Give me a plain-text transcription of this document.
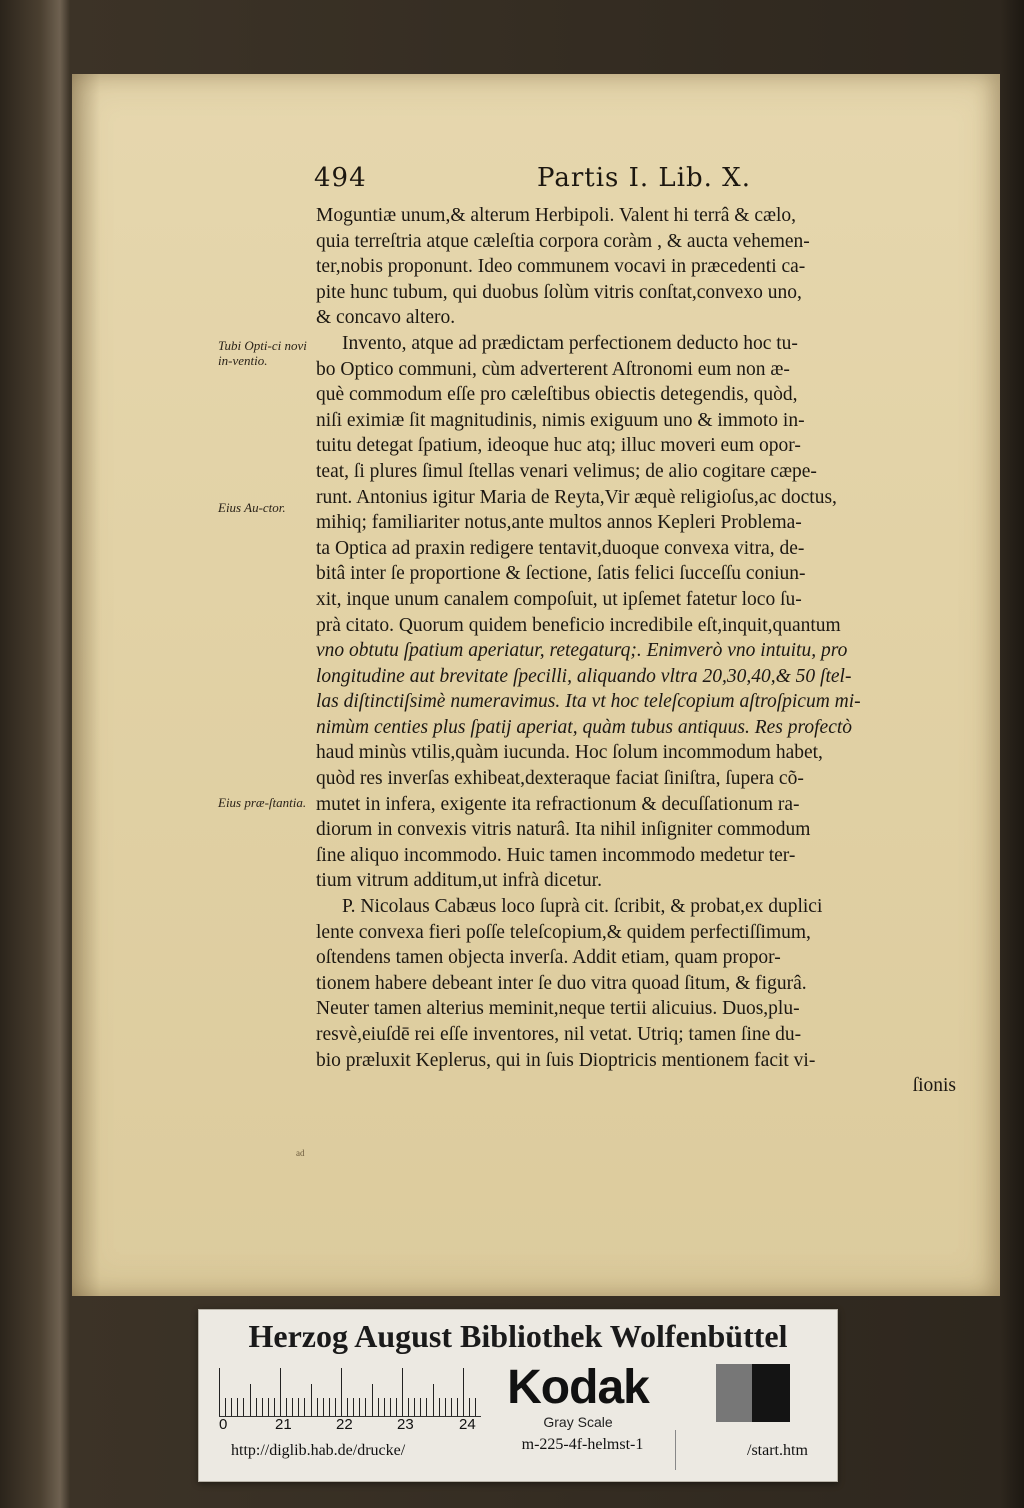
494	Partis I. Lib. X.
Moguntiæ unum,& alterum Herbipoli. Valent hi terrâ & cælo,
quia terreſtria atque cæleſtia corpora coràm , & aucta vehemen-
ter,nobis proponunt. Ideo communem vocavi in præcedenti ca-
pite hunc tubum, qui duobus ſolùm vitris conſtat,convexo uno,
& concavo altero.
Invento, atque ad prædictam perfectionem deducto hoc tu-
bo Optico communi, cùm adverterent Aſtronomi eum non æ-
què commodum eſſe pro cæleſtibus obiectis detegendis, quòd,
niſi eximiæ ſit magnitudinis, nimis exiguum uno & immoto in-
tuitu detegat ſpatium, ideoque huc atq; illuc moveri eum opor-
teat, ſi plures ſimul ſtellas venari velimus; de alio cogitare cæpe-
runt. Antonius igitur Maria de Reyta,Vir æquè religioſus,ac doctus,
mihiq; familiariter notus,ante multos annos Kepleri Problema-
ta Optica ad praxin redigere tentavit,duoque convexa vitra, de-
bitâ inter ſe proportione & ſectione, ſatis felici ſucceſſu coniun-
xit, inque unum canalem compoſuit, ut ipſemet fatetur loco ſu-
prà citato. Quorum quidem beneficio incredibile eſt,inquit,quantum
vno obtutu ſpatium aperiatur, retegaturq;. Enimverò vno intuitu, pro
longitudine aut brevitate ſpecilli, aliquando vltra 20,30,40,& 50 ſtel-
las diſtinctiſsimè numeravimus. Ita vt hoc teleſcopium aſtroſpicum mi-
nimùm centies plus ſpatij aperiat, quàm tubus antiquus. Res profectò
haud minùs vtilis,quàm iucunda. Hoc ſolum incommodum habet,
quòd res inverſas exhibeat,dexteraque faciat ſiniſtra, ſupera cõ-
mutet in infera, exigente ita refractionum & decuſſationum ra-
diorum in convexis vitris naturâ. Ita nihil inſigniter commodum
ſine aliquo incommodo. Huic tamen incommodo medetur ter-
tium vitrum additum,ut infrà dicetur.
P. Nicolaus Cabæus loco ſuprà cit. ſcribit, & probat,ex duplici
lente convexa fieri poſſe teleſcopium,& quidem perfectiſſimum,
oſtendens tamen objecta inverſa. Addit etiam, quam propor-
tionem habere debeant inter ſe duo vitra quoad ſitum, & figurâ.
Neuter tamen alterius meminit,neque tertii alicuius. Duos,plu-
resvè,eiuſdē rei eſſe inventores, nil vetat. Utriq; tamen ſine du-
bio præluxit Keplerus, qui in ſuis Dioptricis mentionem facit vi-
ſionis
Tubi Opti-ci novi in-ventio.
Eius Au-ctor.
Eius præ-ſtantia.
ad
Herzog August Bibliothek Wolfenbüttel
0	21	22	23	24
Kodak
Gray Scale
m-225-4f-helmst-1
http://diglib.hab.de/drucke/	/start.htm
